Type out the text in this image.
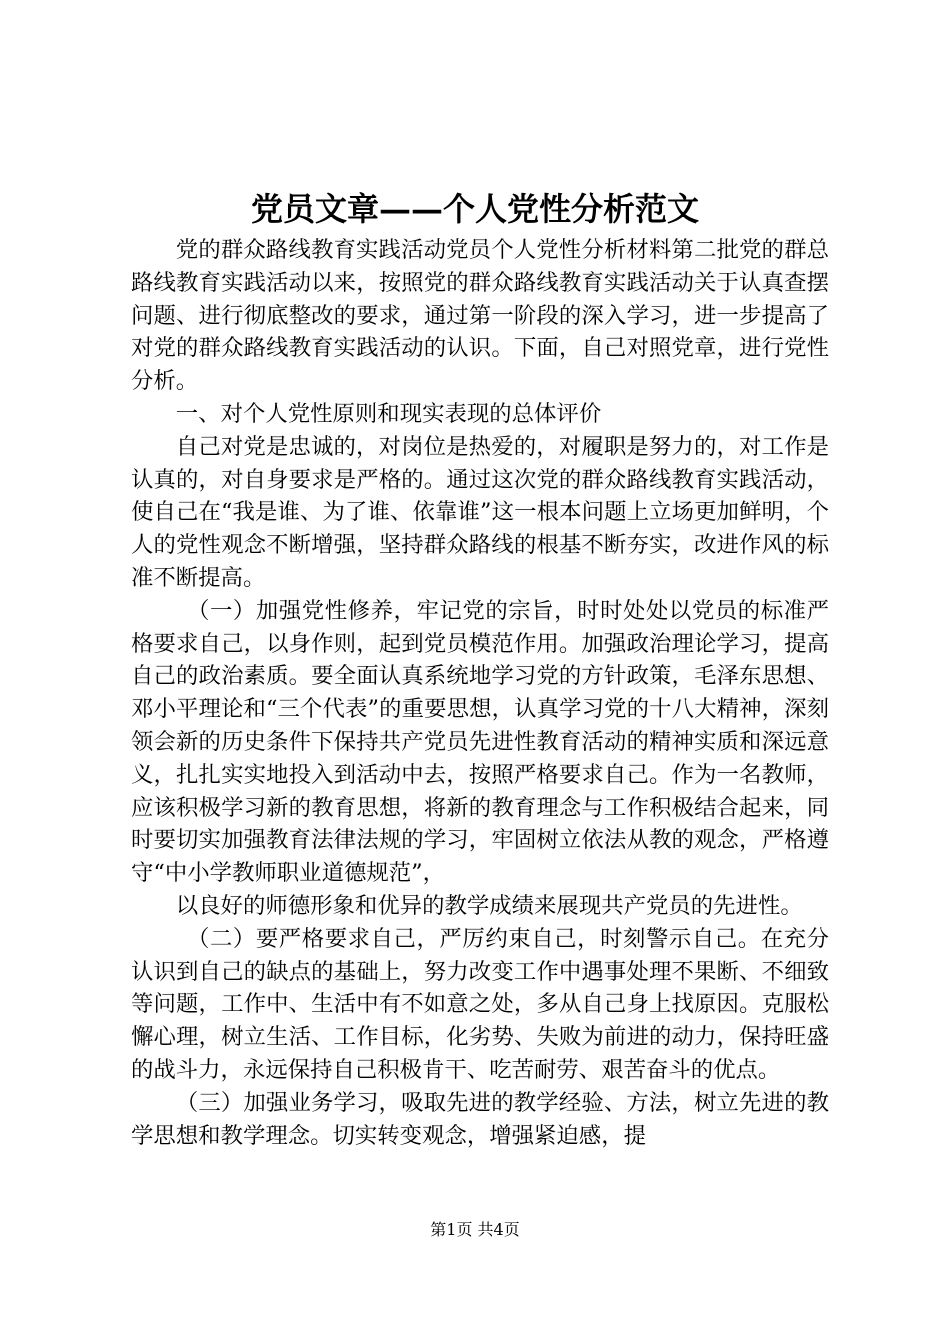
党员文章——个人党性分析范文

党的群众路线教育实践活动党员个人党性分析材料第二批党的群总路线教育实践活动以来，按照党的群众路线教育实践活动关于认真查摆问题、进行彻底整改的要求，通过第一阶段的深入学习，进一步提高了对党的群众路线教育实践活动的认识。下面，自己对照党章，进行党性分析。

一、对个人党性原则和现实表现的总体评价

自己对党是忠诚的，对岗位是热爱的，对履职是努力的，对工作是认真的，对自身要求是严格的。通过这次党的群众路线教育实践活动，使自己在“我是谁、为了谁、依靠谁”这一根本问题上立场更加鲜明，个人的党性观念不断增强，坚持群众路线的根基不断夯实，改进作风的标准不断提高。

（一）加强党性修养，牢记党的宗旨，时时处处以党员的标准严格要求自己，以身作则，起到党员模范作用。加强政治理论学习，提高自己的政治素质。要全面认真系统地学习党的方针政策，毛泽东思想、邓小平理论和“三个代表”的重要思想，认真学习党的十八大精神，深刻领会新的历史条件下保持共产党员先进性教育活动的精神实质和深远意义，扎扎实实地投入到活动中去，按照严格要求自己。作为一名教师，应该积极学习新的教育思想，将新的教育理念与工作积极结合起来，同时要切实加强教育法律法规的学习，牢固树立依法从教的观念，严格遵守“中小学教师职业道德规范”，

以良好的师德形象和优异的教学成绩来展现共产党员的先进性。

（二）要严格要求自己，严厉约束自己，时刻警示自己。在充分认识到自己的缺点的基础上，努力改变工作中遇事处理不果断、不细致等问题，工作中、生活中有不如意之处，多从自己身上找原因。克服松懈心理，树立生活、工作目标，化劣势、失败为前进的动力，保持旺盛的战斗力，永远保持自己积极肯干、吃苦耐劳、艰苦奋斗的优点。

（三）加强业务学习，吸取先进的教学经验、方法，树立先进的教学思想和教学理念。切实转变观念，增强紧迫感，提

第1页 共4页
